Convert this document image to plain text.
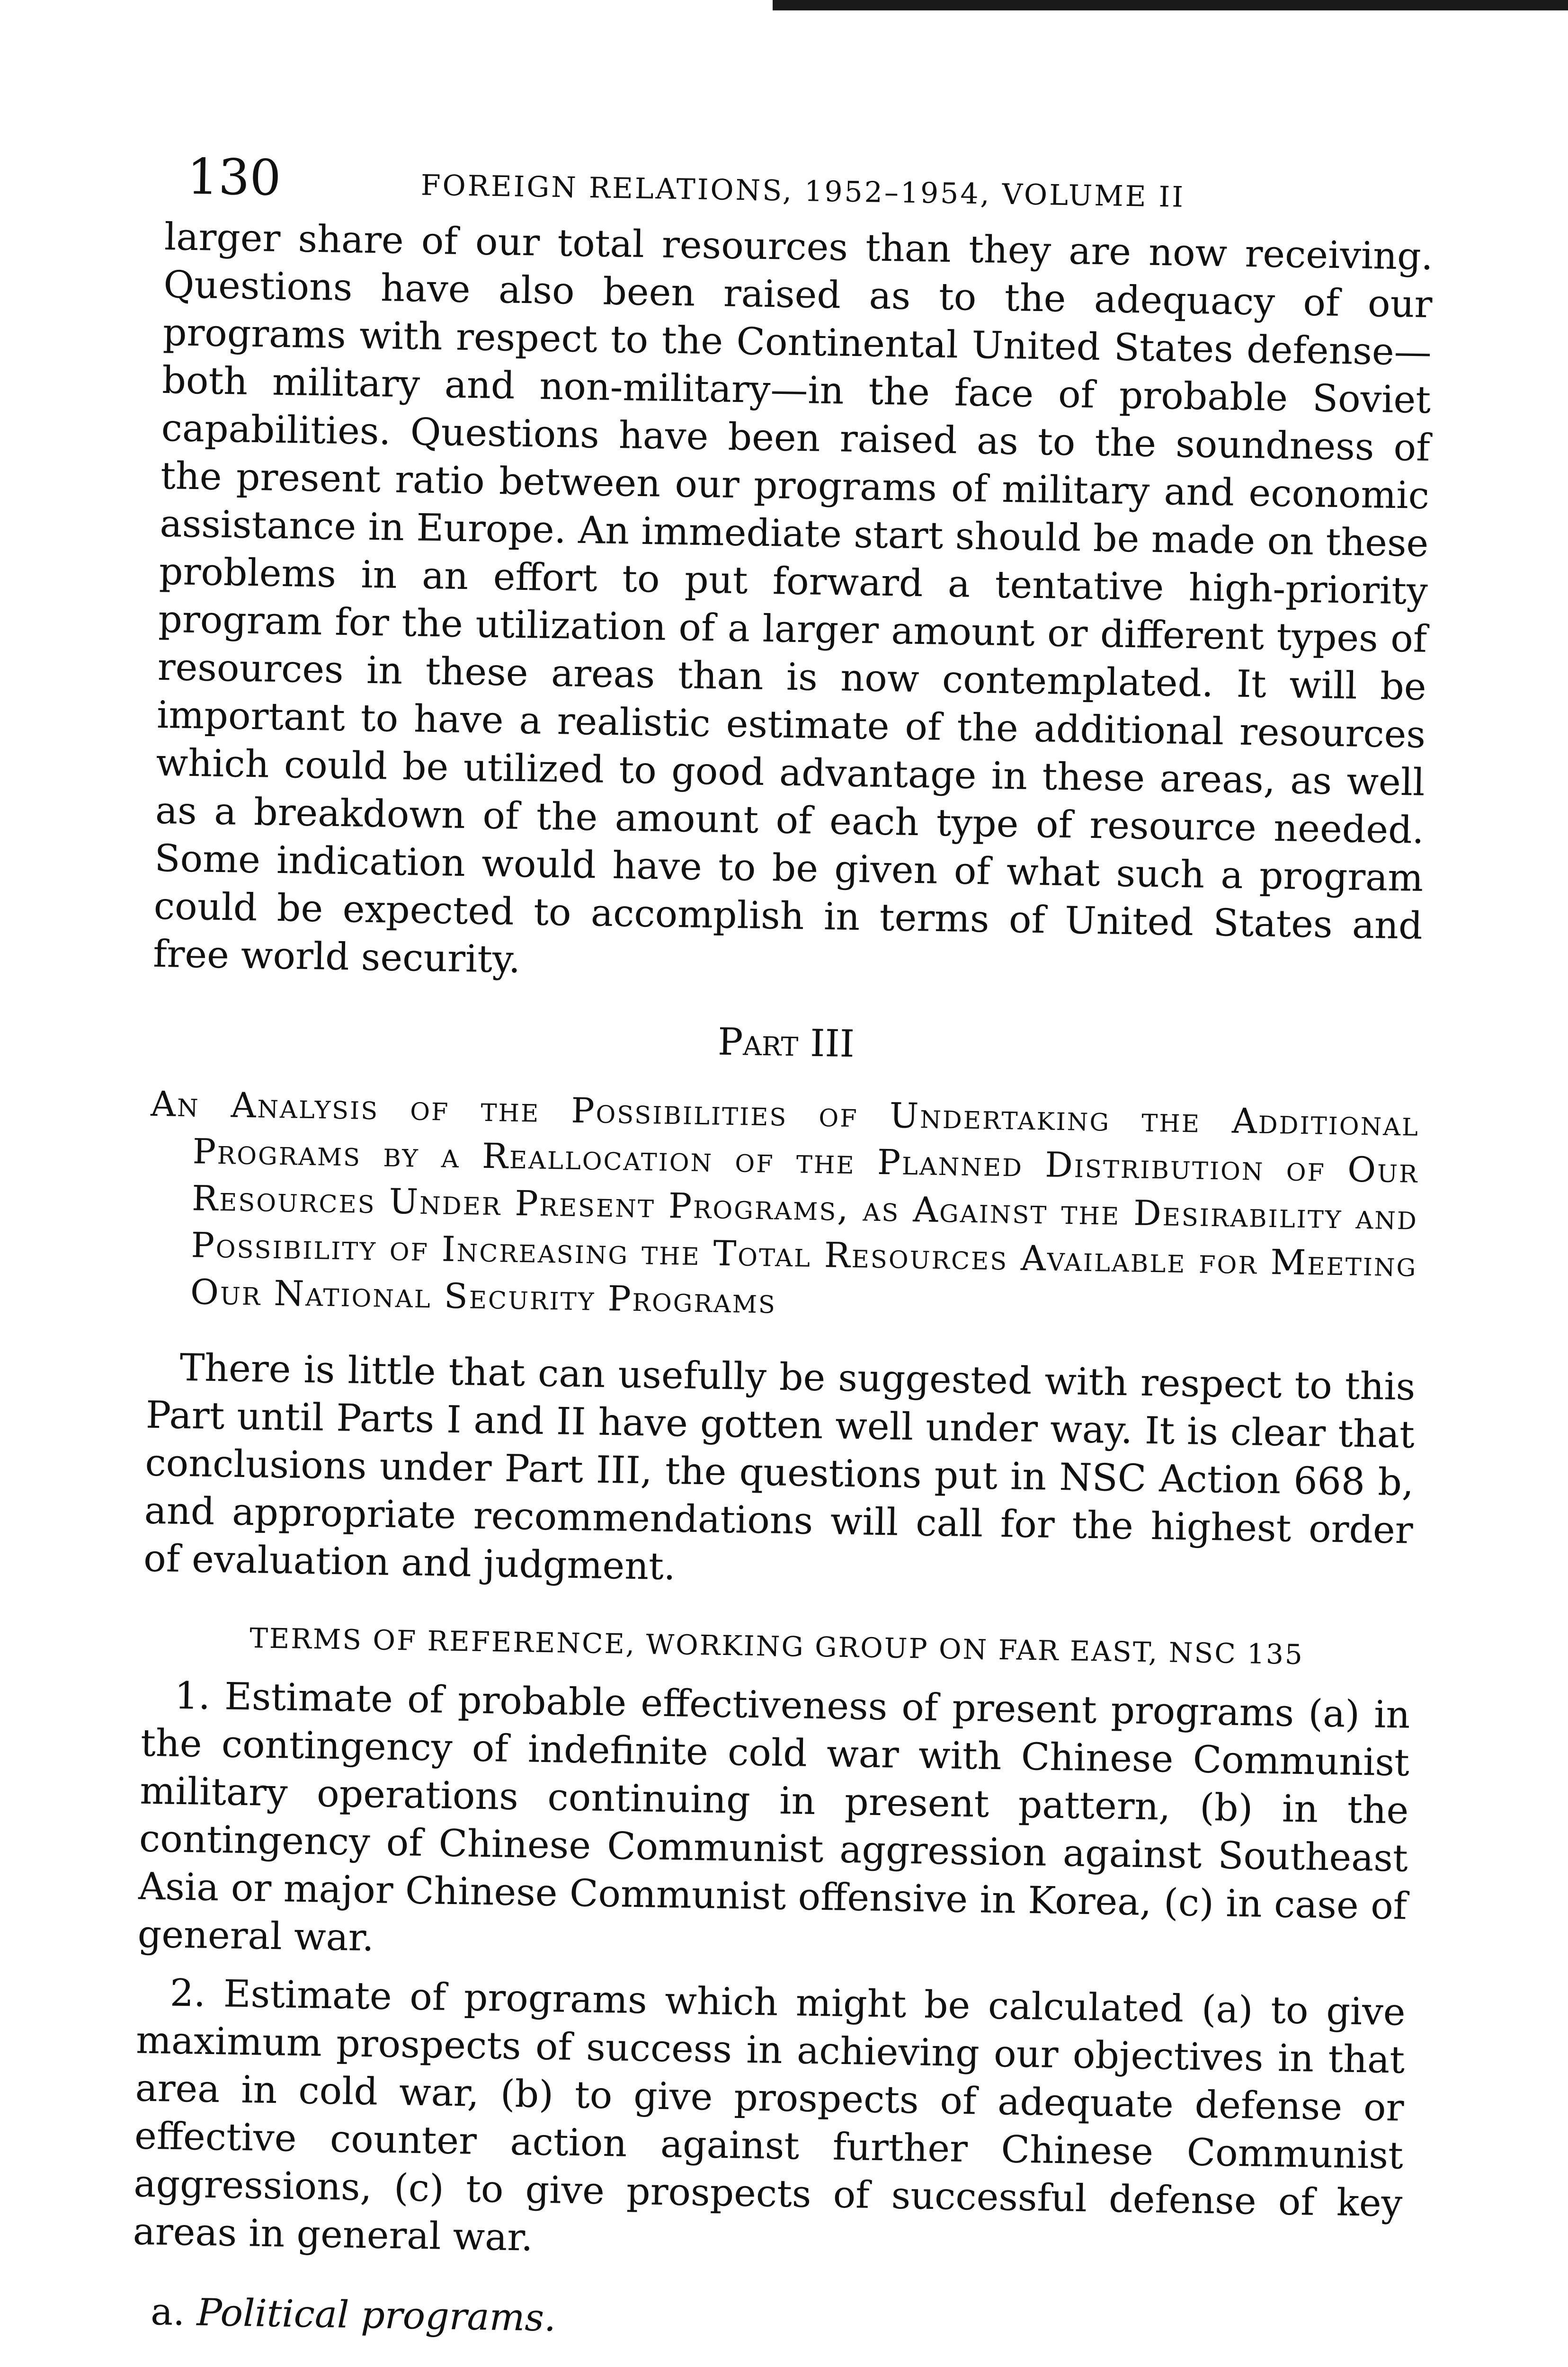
130	FOREIGN RELATIONS, 1952–1954, VOLUME II

larger share of our total resources than they are now receiving. Questions have also been raised as to the adequacy of our programs with respect to the Continental United States defense—both military and non-military—in the face of probable Soviet capabilities. Questions have been raised as to the soundness of the present ratio between our programs of military and economic assistance in Europe. An immediate start should be made on these problems in an effort to put forward a tentative high-priority program for the utilization of a larger amount or different types of resources in these areas than is now contemplated. It will be important to have a realistic estimate of the additional resources which could be utilized to good advantage in these areas, as well as a breakdown of the amount of each type of resource needed. Some indication would have to be given of what such a program could be expected to accomplish in terms of United States and free world security.

Part III

An Analysis of the Possibilities of Undertaking the Additional Programs by a Reallocation of the Planned Distribution of Our Resources Under Present Programs, as Against the Desirability and Possibility of Increasing the Total Resources Available for Meeting Our National Security Programs

There is little that can usefully be suggested with respect to this Part until Parts I and II have gotten well under way. It is clear that conclusions under Part III, the questions put in NSC Action 668 b, and appropriate recommendations will call for the highest order of evaluation and judgment.

TERMS OF REFERENCE, WORKING GROUP ON FAR EAST, NSC 135

1. Estimate of probable effectiveness of present programs (a) in the contingency of indefinite cold war with Chinese Communist military operations continuing in present pattern, (b) in the contingency of Chinese Communist aggression against Southeast Asia or major Chinese Communist offensive in Korea, (c) in case of general war.

2. Estimate of programs which might be calculated (a) to give maximum prospects of success in achieving our objectives in that area in cold war, (b) to give prospects of adequate defense or effective counter action against further Chinese Communist aggressions, (c) to give prospects of successful defense of key areas in general war.

a. Political programs.
